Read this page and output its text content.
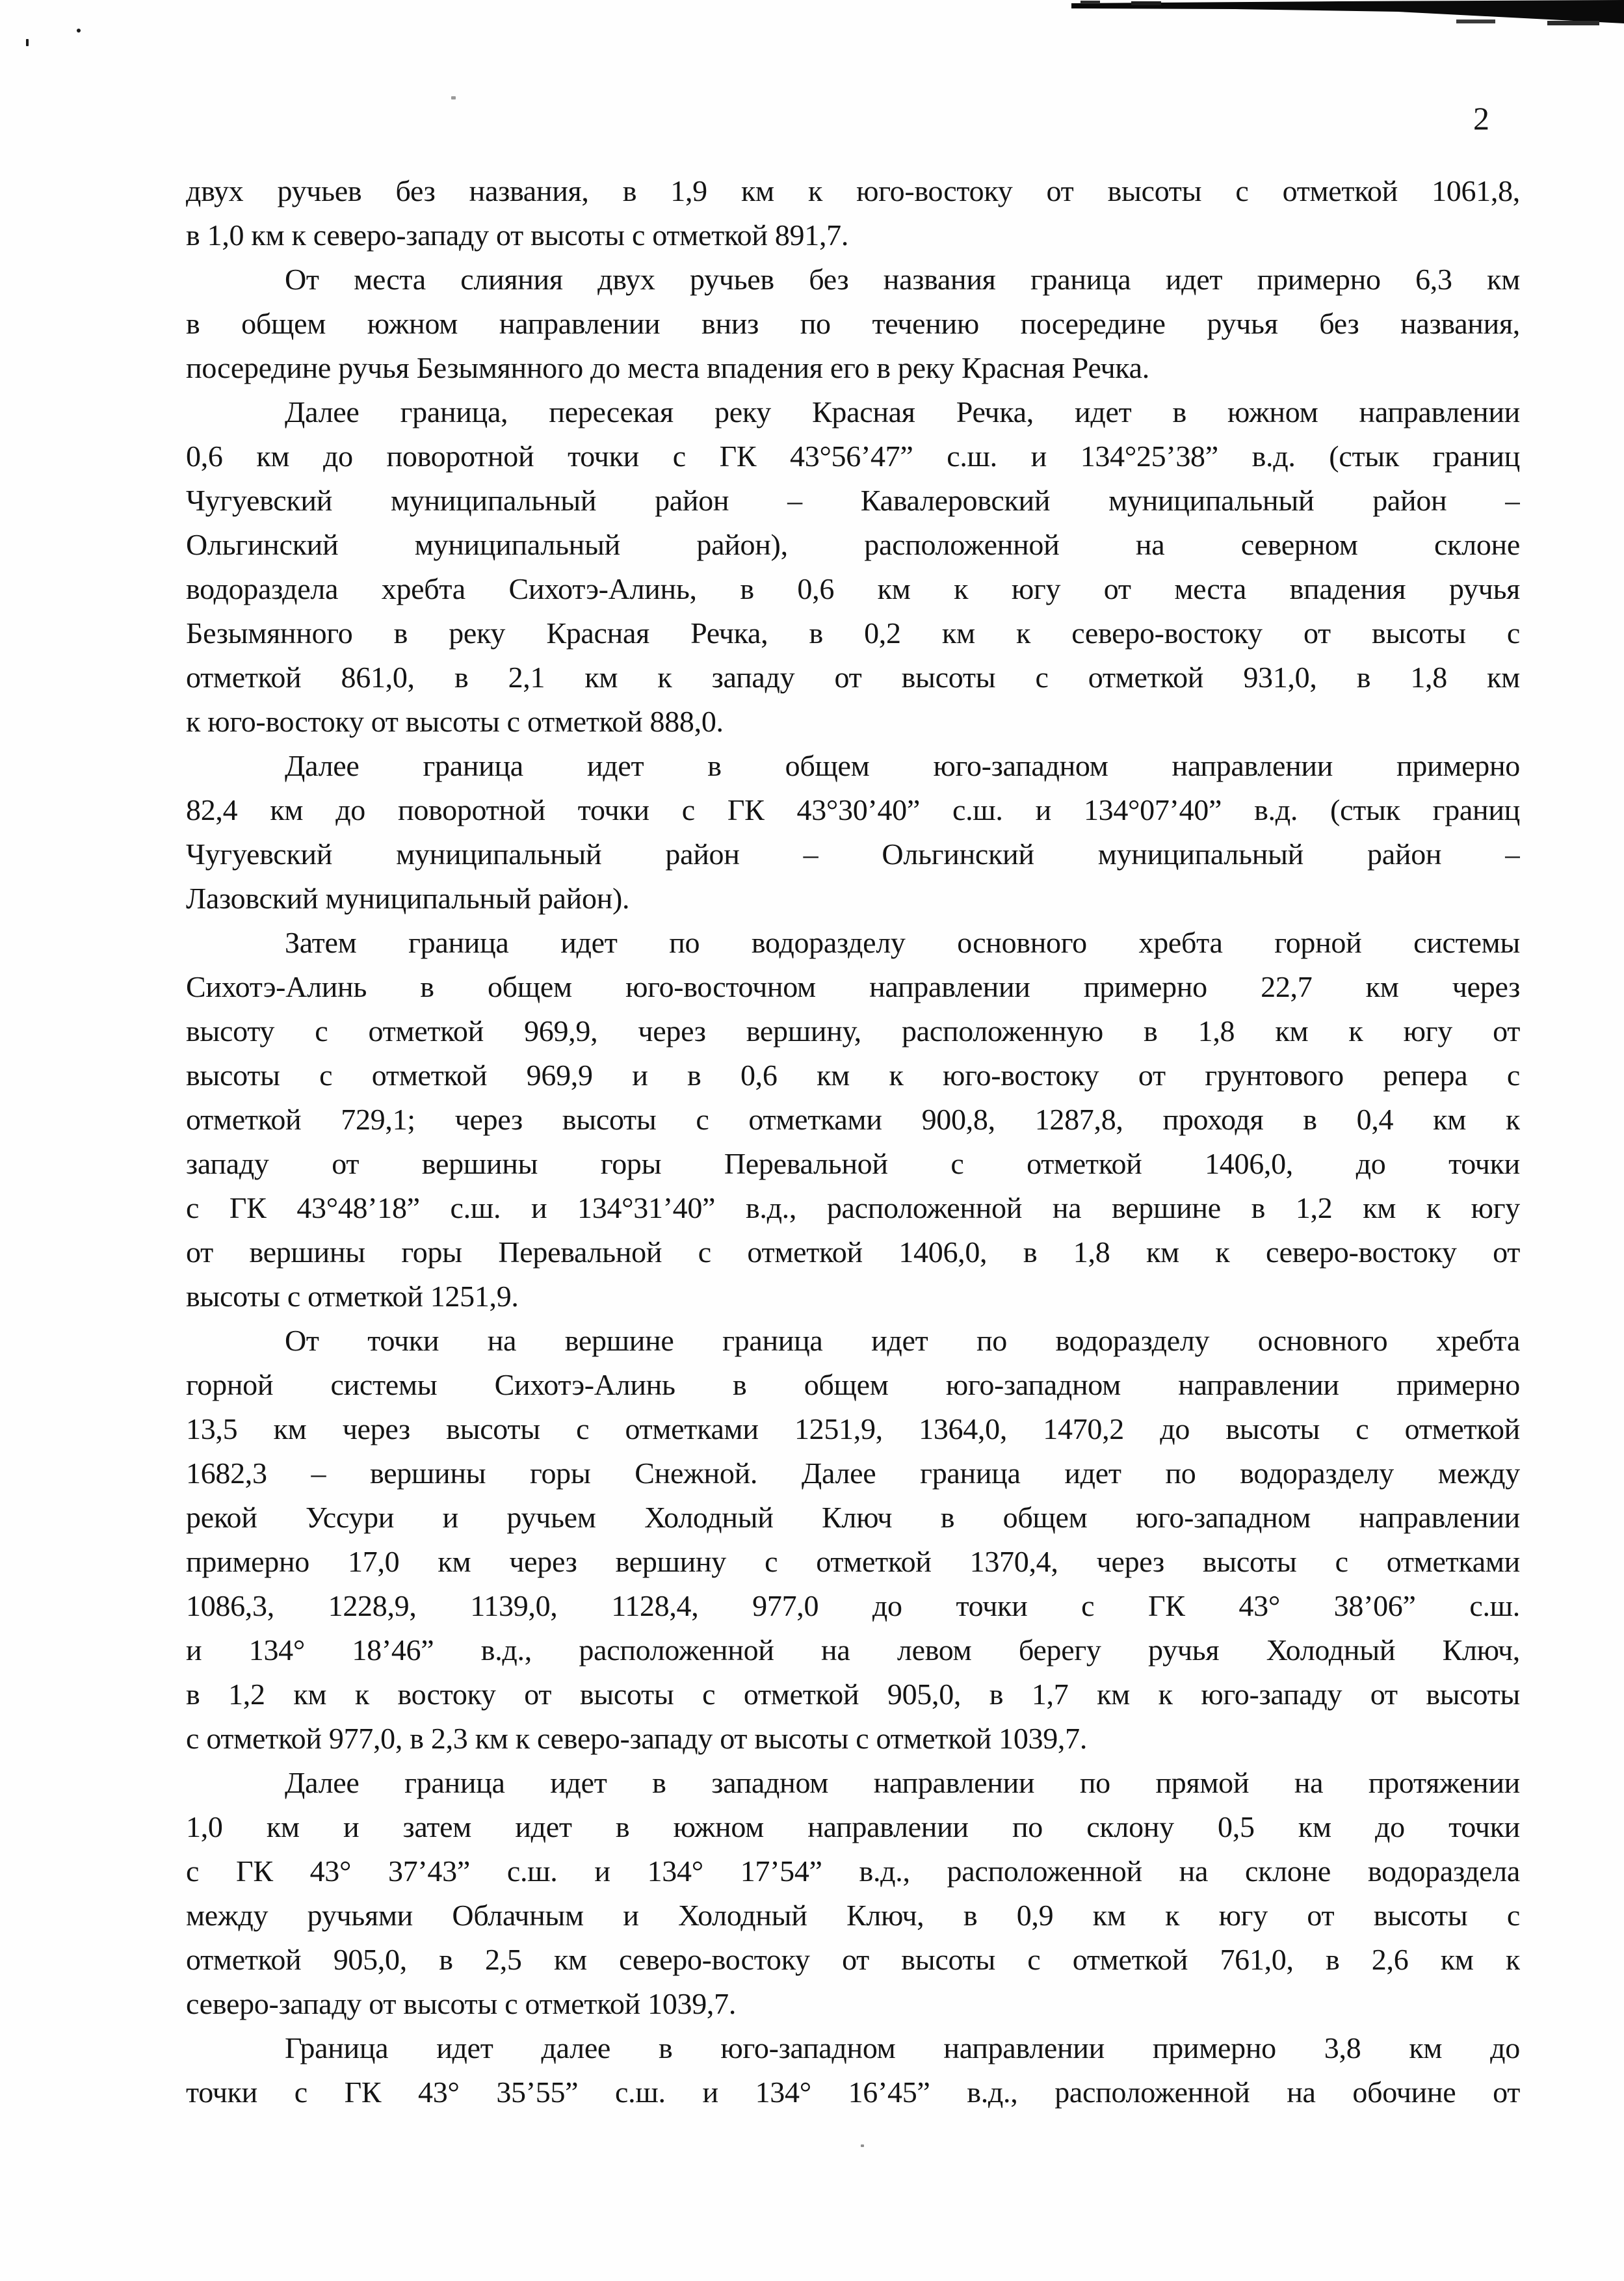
2
двух ручьев без названия, в 1,9 км к юго-востоку от высоты с отметкой 1061,8,
в 1,0 км к северо-западу от высоты с отметкой 891,7.
От места слияния двух ручьев без названия граница идет примерно 6,3 км
в общем южном направлении вниз по течению посередине ручья без названия,
посередине ручья Безымянного до места впадения его в реку Красная Речка.
Далее граница, пересекая реку Красная Речка, идет в южном направлении
0,6 км до поворотной точки с ГК 43°56’47” с.ш. и 134°25’38” в.д. (стык границ
Чугуевский муниципальный район – Кавалеровский муниципальный район –
Ольгинский муниципальный район), расположенной на северном склоне
водораздела хребта Сихотэ-Алинь, в 0,6 км к югу от места впадения ручья
Безымянного в реку Красная Речка, в 0,2 км к северо-востоку от высоты с
отметкой 861,0, в 2,1 км к западу от высоты с отметкой 931,0, в 1,8 км
к юго-востоку от высоты с отметкой 888,0.
Далее граница идет в общем юго-западном направлении примерно
82,4 км до поворотной точки с ГК 43°30’40” с.ш. и 134°07’40” в.д. (стык границ
Чугуевский муниципальный район – Ольгинский муниципальный район –
Лазовский муниципальный район).
Затем граница идет по водоразделу основного хребта горной системы
Сихотэ-Алинь в общем юго-восточном направлении примерно 22,7 км через
высоту с отметкой 969,9, через вершину, расположенную в 1,8 км к югу от
высоты с отметкой 969,9 и в 0,6 км к юго-востоку от грунтового репера с
отметкой 729,1; через высоты с отметками 900,8, 1287,8, проходя в 0,4 км к
западу от вершины горы Перевальной с отметкой 1406,0, до точки
с ГК 43°48’18” с.ш. и 134°31’40” в.д., расположенной на вершине в 1,2 км к югу
от вершины горы Перевальной с отметкой 1406,0, в 1,8 км к северо-востоку от
высоты с отметкой 1251,9.
От точки на вершине граница идет по водоразделу основного хребта
горной системы Сихотэ-Алинь в общем юго-западном направлении примерно
13,5 км через высоты с отметками 1251,9, 1364,0, 1470,2 до высоты с отметкой
1682,3 – вершины горы Снежной. Далее граница идет по водоразделу между
рекой Уссури и ручьем Холодный Ключ в общем юго-западном направлении
примерно 17,0 км через вершину с отметкой 1370,4, через высоты с отметками
1086,3, 1228,9, 1139,0, 1128,4, 977,0 до точки с ГК 43° 38’06” с.ш.
и 134° 18’46” в.д., расположенной на левом берегу ручья Холодный Ключ,
в 1,2 км к востоку от высоты с отметкой 905,0, в 1,7 км к юго-западу от высоты
с отметкой 977,0, в 2,3 км к северо-западу от высоты с отметкой 1039,7.
Далее граница идет в западном направлении по прямой на протяжении
1,0 км и затем идет в южном направлении по склону 0,5 км до точки
с ГК 43° 37’43” с.ш. и 134° 17’54” в.д., расположенной на склоне водораздела
между ручьями Облачным и Холодный Ключ, в 0,9 км к югу от высоты с
отметкой 905,0, в 2,5 км северо-востоку от высоты с отметкой 761,0, в 2,6 км к
северо-западу от высоты с отметкой 1039,7.
Граница идет далее в юго-западном направлении примерно 3,8 км до
точки с ГК 43° 35’55” с.ш. и 134° 16’45” в.д., расположенной на обочине от
